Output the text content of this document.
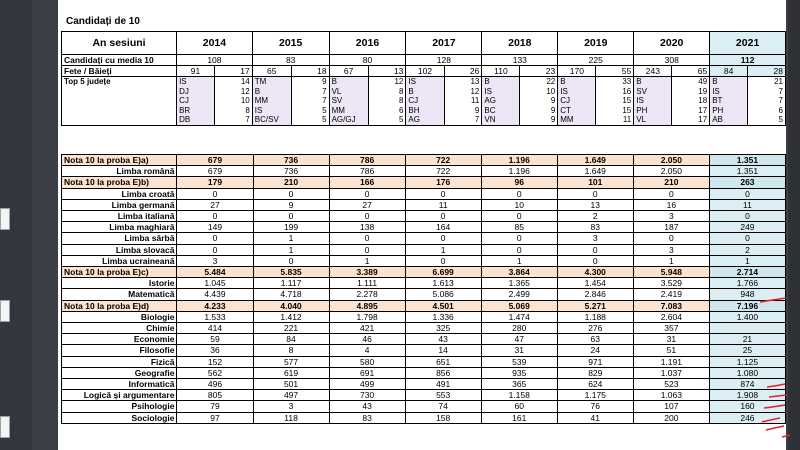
Candidați de 10
An sesiuni	2014		2015		2016		2017		2018		2019		2020		2021	
Candidați cu media 10	108		83		80		128		133		225		308		112	
Fete / Băieți	91	17	65	18	67	13	102	26	110	23	170	55	243	65	84	28
Top 5 județe	IS	14	TM	9	B	12	IS	13	B	22	B	33	B	49	B	21
	DJ	12	B	7	VL	8	B	12	IS	10	IS	16	SV	19	IS	7
	CJ	10	MM	7	SV	8	CJ	11	AG	9	CJ	15	IS	18	BT	7
	BR	8	IS	5	MM	6	BH	9	BC	9	CT	15	PH	17	PH	6
	DB	7	BC/SV	5	AG/GJ	5	AG	7	VN	9	MM	11	VL	17	AB	5
Nota 10 la proba E)a)	679	736	786	722	1.196	1.649	2.050	1.351
Limba română	679	736	786	722	1.196	1.649	2.050	1.351
Nota 10 la proba E)b)	179	210	166	176	96	101	210	263
Limba croată	0	0	0	0	0	0	0	0
Limba germană	27	9	27	11	10	13	16	11
Limba italiană	0	0	0	0	0	2	3	0
Limba maghiară	149	199	138	164	85	83	187	249
Limba sârbă	0	1	0	0	0	3	0	0
Limba slovacă	0	1	0	1	0	0	3	2
Limba ucraineană	3	0	1	0	1	0	1	1
Nota 10 la proba E)c)	5.484	5.835	3.389	6.699	3.864	4.300	5.948	2.714
Istorie	1.045	1.117	1.111	1.613	1.365	1.454	3.529	1.766
Matematică	4.439	4.718	2.278	5.086	2.499	2.846	2.419	948
Nota 10 la proba E)d)	4.233	4.040	4.895	4.501	5.069	5.271	7.083	7.196
Biologie	1.533	1.412	1.798	1.336	1.474	1.188	2.604	1.400
Chimie	414	221	421	325	280	276	357	
Economie	59	84	46	43	47	63	31	21
Filosofie	36	8	4	14	31	24	51	25
Fizică	152	577	580	651	539	971	1.191	1.125
Geografie	562	619	691	856	935	829	1.037	1.080
Informatică	496	501	499	491	365	624	523	874
Logică și argumentare	805	497	730	553	1.158	1.175	1.063	1.908
Psihologie	79	3	43	74	60	76	107	160
Sociologie	97	118	83	158	161	41	200	246
